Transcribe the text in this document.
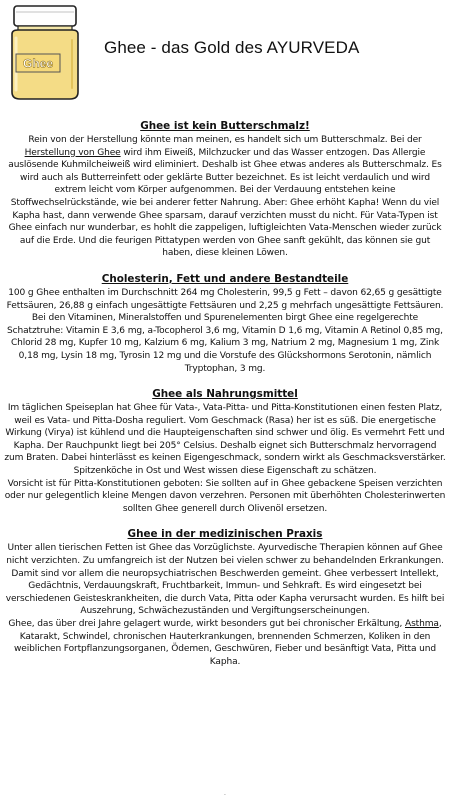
Ghee
Ghee - das Gold des AYURVEDA
Ghee ist kein Butterschmalz!

Rein von der Herstellung könnte man meinen, es handelt sich um Butterschmalz. Bei der Herstellung von Ghee wird ihm Eiweiß, Milchzucker und das Wasser entzogen. Das Allergie auslösende Kuhmilcheiweiß wird eliminiert. Deshalb ist Ghee etwas anderes als Butterschmalz. Es wird auch als Butterreinfett oder geklärte Butter bezeichnet. Es ist leicht verdaulich und wird extrem leicht vom Körper aufgenommen. Bei der Verdauung entstehen keine Stoffwechselrückstände, wie bei anderer fetter Nahrung. Aber: Ghee erhöht Kapha! Wenn du viel Kapha hast, dann verwende Ghee sparsam, darauf verzichten musst du nicht. Für Vata-Typen ist Ghee einfach nur wunderbar, es hohlt die zappeligen, luftigleichten Vata-Menschen wieder zurück auf die Erde. Und die feurigen Pittatypen werden von Ghee sanft gekühlt, das können sie gut haben, diese kleinen Löwen.

Cholesterin, Fett und andere Bestandteile

100 g Ghee enthalten im Durchschnitt 264 mg Cholesterin, 99,5 g Fett – davon 62,65 g gesättigte Fettsäuren, 26,88 g einfach ungesättigte Fettsäuren und 2,25 g mehrfach ungesättigte Fettsäuren. Bei den Vitaminen, Mineralstoffen und Spurenelementen birgt Ghee eine regelgerechte Schatztruhe: Vitamin E 3,6 mg, a-Tocopherol 3,6 mg, Vitamin D 1,6 mg, Vitamin A Retinol 0,85 mg, Chlorid 28 mg, Kupfer 10 mg, Kalzium 6 mg, Kalium 3 mg, Natrium 2 mg, Magnesium 1 mg, Zink 0,18 mg, Lysin 18 mg, Tyrosin 12 mg und die Vorstufe des Glückshormons Serotonin, nämlich Tryptophan, 3 mg.

Ghee als Nahrungsmittel

Im täglichen Speiseplan hat Ghee für Vata-, Vata-Pitta- und Pitta-Konstitutionen einen festen Platz, weil es Vata- und Pitta-Dosha reguliert. Vom Geschmack (Rasa) her ist es süß. Die energetische Wirkung (Virya) ist kühlend und die Haupteigenschaften sind schwer und ölig. Es vermehrt Fett und Kapha. Der Rauchpunkt liegt bei 205° Celsius. Deshalb eignet sich Butterschmalz hervorragend zum Braten. Dabei hinterlässt es keinen Eigengeschmack, sondern wirkt als Geschmacksverstärker. Spitzenköche in Ost und West wissen diese Eigenschaft zu schätzen.

Vorsicht ist für Pitta-Konstitutionen geboten: Sie sollten auf in Ghee gebackene Speisen verzichten oder nur gelegentlich kleine Mengen davon verzehren. Personen mit überhöhten Cholesterinwerten sollten Ghee generell durch Olivenöl ersetzen.

Ghee in der medizinischen Praxis

Unter allen tierischen Fetten ist Ghee das Vorzüglichste. Ayurvedische Therapien können auf Ghee nicht verzichten. Zu umfangreich ist der Nutzen bei vielen schwer zu behandelnden Erkrankungen. Damit sind vor allem die neuropsychiatrischen Beschwerden gemeint. Ghee verbessert Intellekt, Gedächtnis, Verdauungskraft, Fruchtbarkeit, Immun- und Sehkraft. Es wird eingesetzt bei verschiedenen Geisteskrankheiten, die durch Vata, Pitta oder Kapha verursacht wurden. Es hilft bei Auszehrung, Schwächezuständen und Vergiftungserscheinungen.

Ghee, das über drei Jahre gelagert wurde, wirkt besonders gut bei chronischer Erkältung, Asthma, Katarakt, Schwindel, chronischen Hauterkrankungen, brennenden Schmerzen, Koliken in den weiblichen Fortpflanzungsorganen, Ödemen, Geschwüren, Fieber und besänftigt Vata, Pitta und Kapha.

.
